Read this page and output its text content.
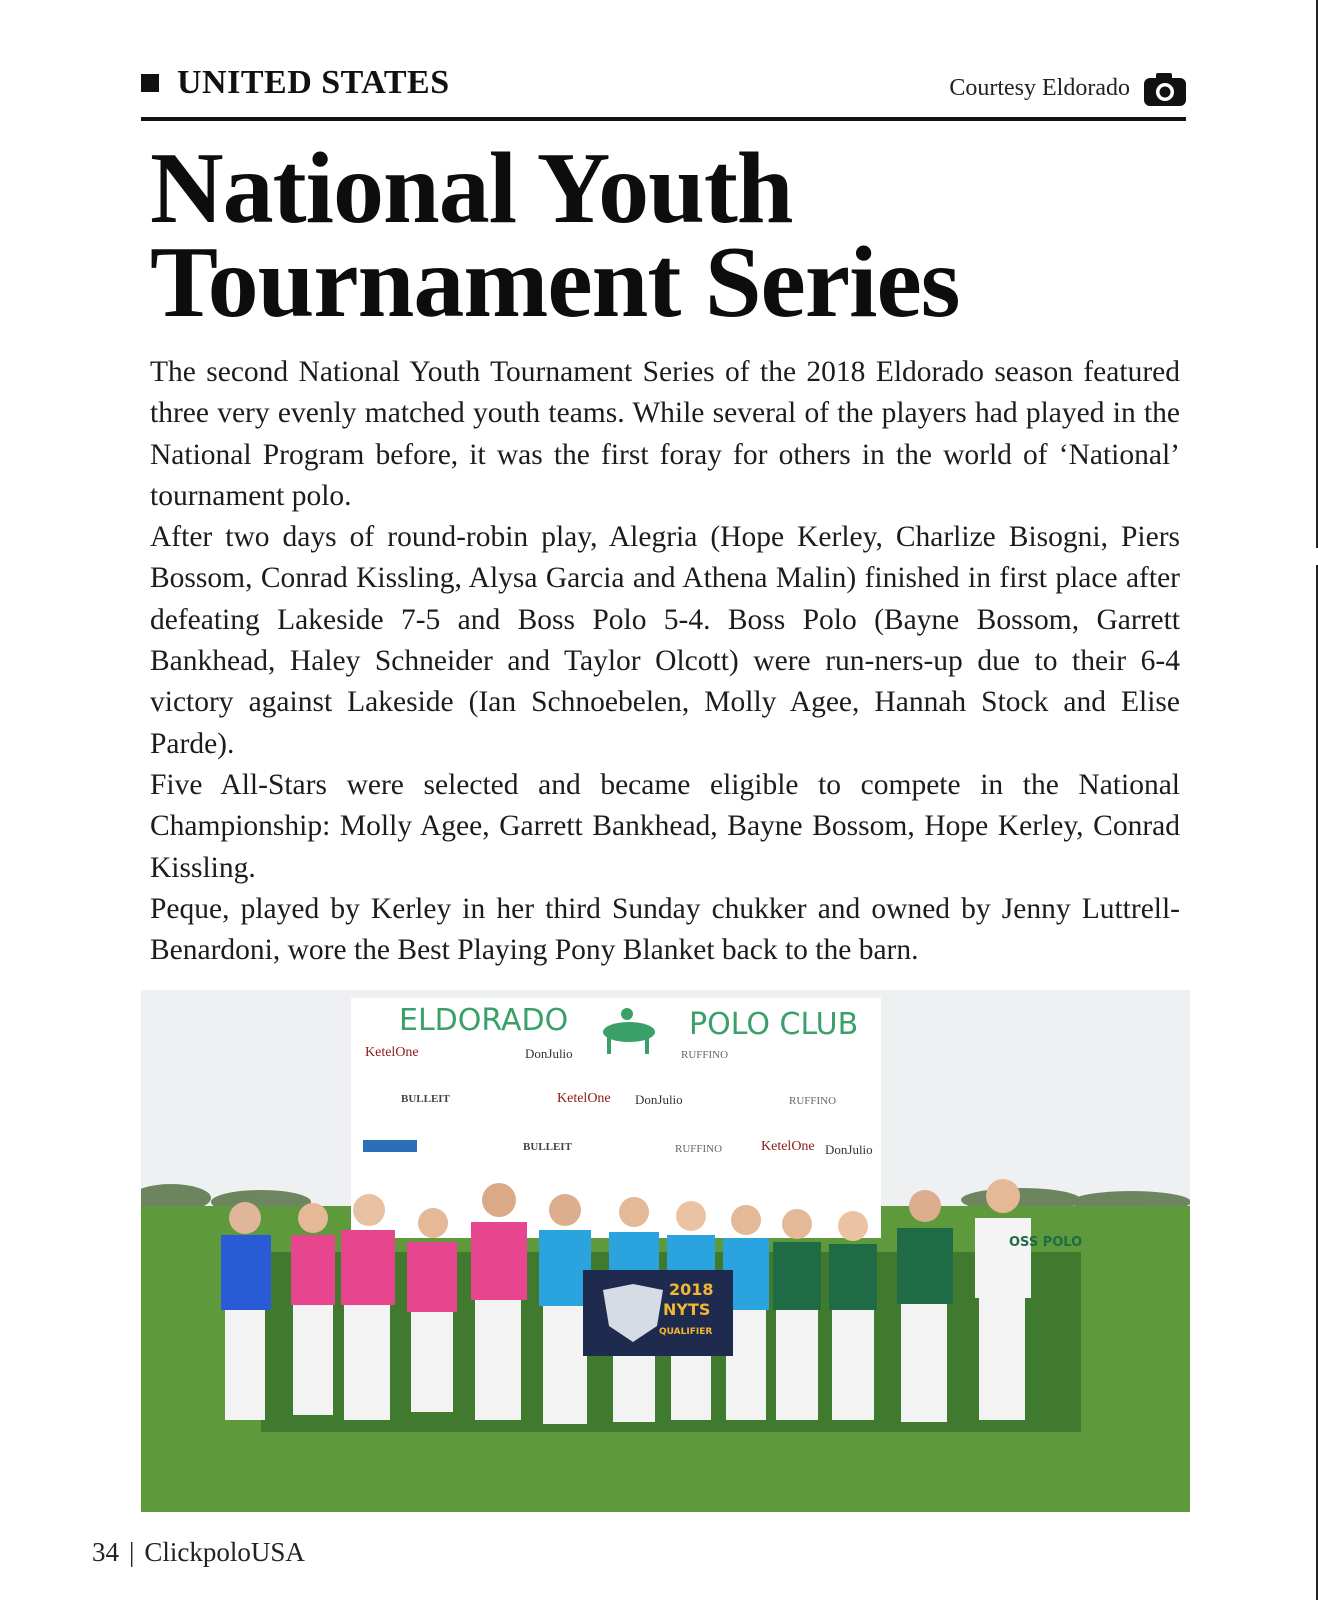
UNITED STATES	Courtesy Eldorado
National Youth
Tournament Series

The second National Youth Tournament Series of the 2018 Eldorado season featured three very evenly matched youth teams. While several of the players had played in the National Program before, it was the first foray for others in the world of ‘National’ tournament polo.

After two days of round-robin play, Alegria (Hope Kerley, Charlize Bisogni, Piers Bossom, Conrad Kissling, Alysa Garcia and Athena Malin) finished in first place after defeating Lakeside 7-5 and Boss Polo 5-4. Boss Polo (Bayne Bossom, Garrett Bankhead, Haley Schneider and Taylor Olcott) were run-ners-up due to their 6-4 victory against Lakeside (Ian Schnoebelen, Molly Agee, Hannah Stock and Elise Parde).

Five All-Stars were selected and became eligible to compete in the National Championship: Molly Agee, Garrett Bankhead, Bayne Bossom, Hope Kerley, Conrad Kissling.

Peque, played by Kerley in her third Sunday chukker and owned by Jenny Luttrell-Benardoni, wore the Best Playing Pony Blanket back to the barn.

ELDORADO	POLO CLUB
KetelOne	DonJulio	RUFFINO
BULLEIT	KetelOne DonJulio	RUFFINO
BULLEIT	RUFFINO	KetelOne DonJulio
OSS POLO
2018
NYTS
QUALIFIER
34 | ClickpoloUSA
